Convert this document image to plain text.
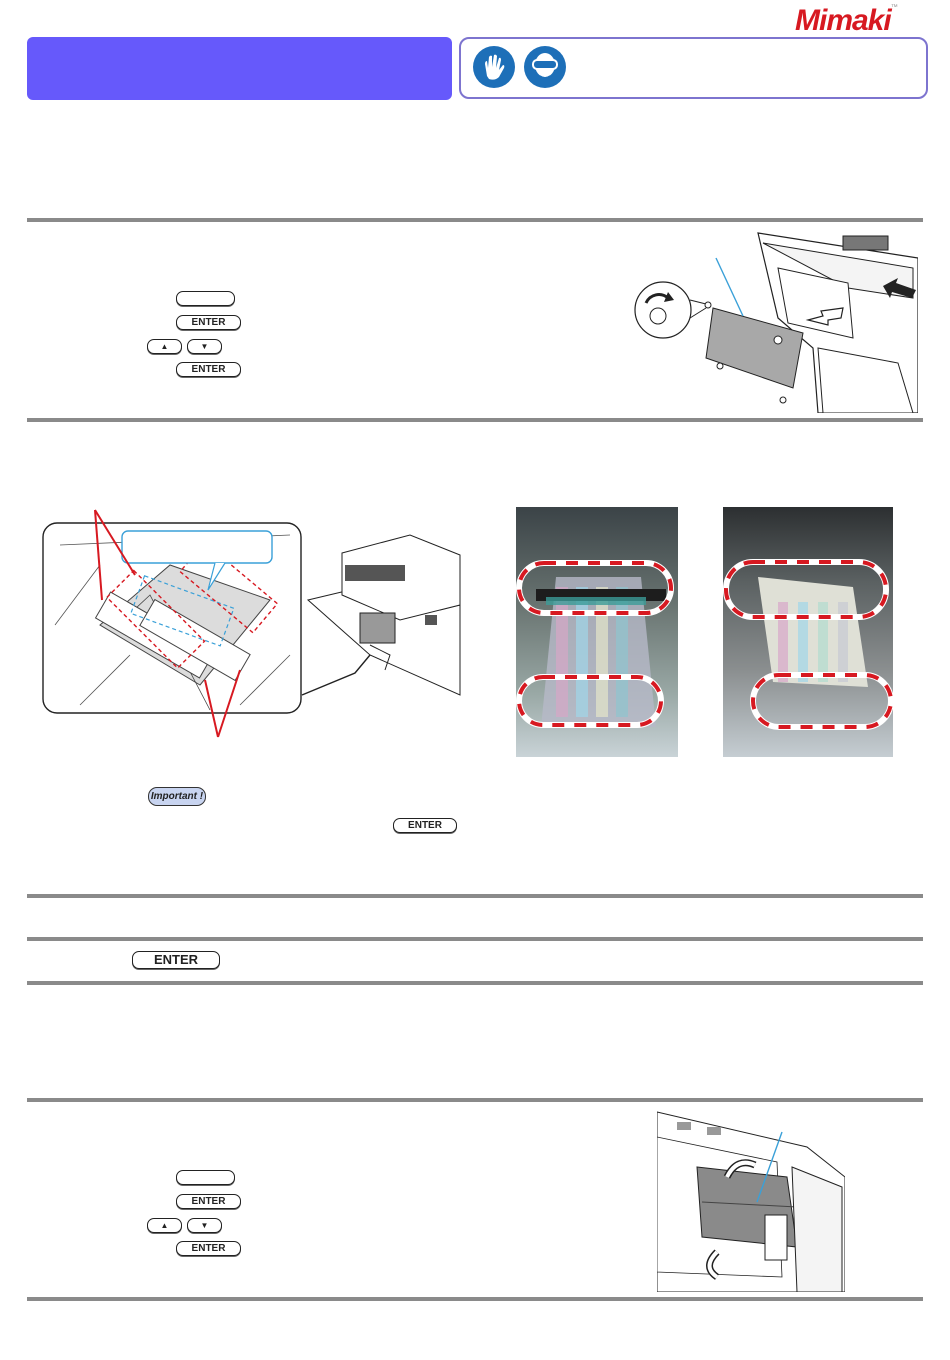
Mimaki™
ENTER
▲	▼
ENTER
Important !
ENTER
ENTER
ENTER
▲	▼
ENTER
